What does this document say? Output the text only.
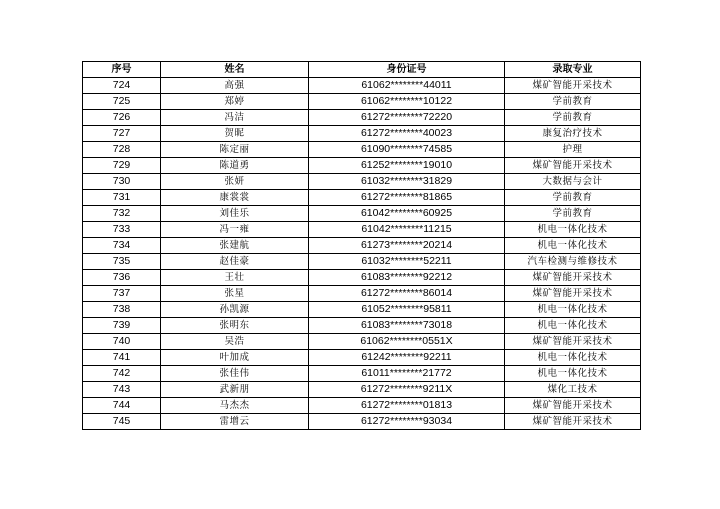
序号	姓名	身份证号	录取专业
724	高强	61062********44011	煤矿智能开采技术
725	郑婷	61062********10122	学前教育
726	冯洁	61272********72220	学前教育
727	贺昵	61272********40023	康复治疗技术
728	陈定丽	61090********74585	护理
729	陈道勇	61252********19010	煤矿智能开采技术
730	张妍	61032********31829	大数据与会计
731	康裳裳	61272********81865	学前教育
732	刘佳乐	61042********60925	学前教育
733	冯一雍	61042********11215	机电一体化技术
734	张建航	61273********20214	机电一体化技术
735	赵佳豪	61032********52211	汽车检测与维修技术
736	王壮	61083********92212	煤矿智能开采技术
737	张星	61272********86014	煤矿智能开采技术
738	孙凯源	61052********95811	机电一体化技术
739	张明东	61083********73018	机电一体化技术
740	吴浩	61062********0551X	煤矿智能开采技术
741	叶加成	61242********92211	机电一体化技术
742	张佳伟	61011********21772	机电一体化技术
743	武新朋	61272********9211X	煤化工技术
744	马杰杰	61272********01813	煤矿智能开采技术
745	雷增云	61272********93034	煤矿智能开采技术
